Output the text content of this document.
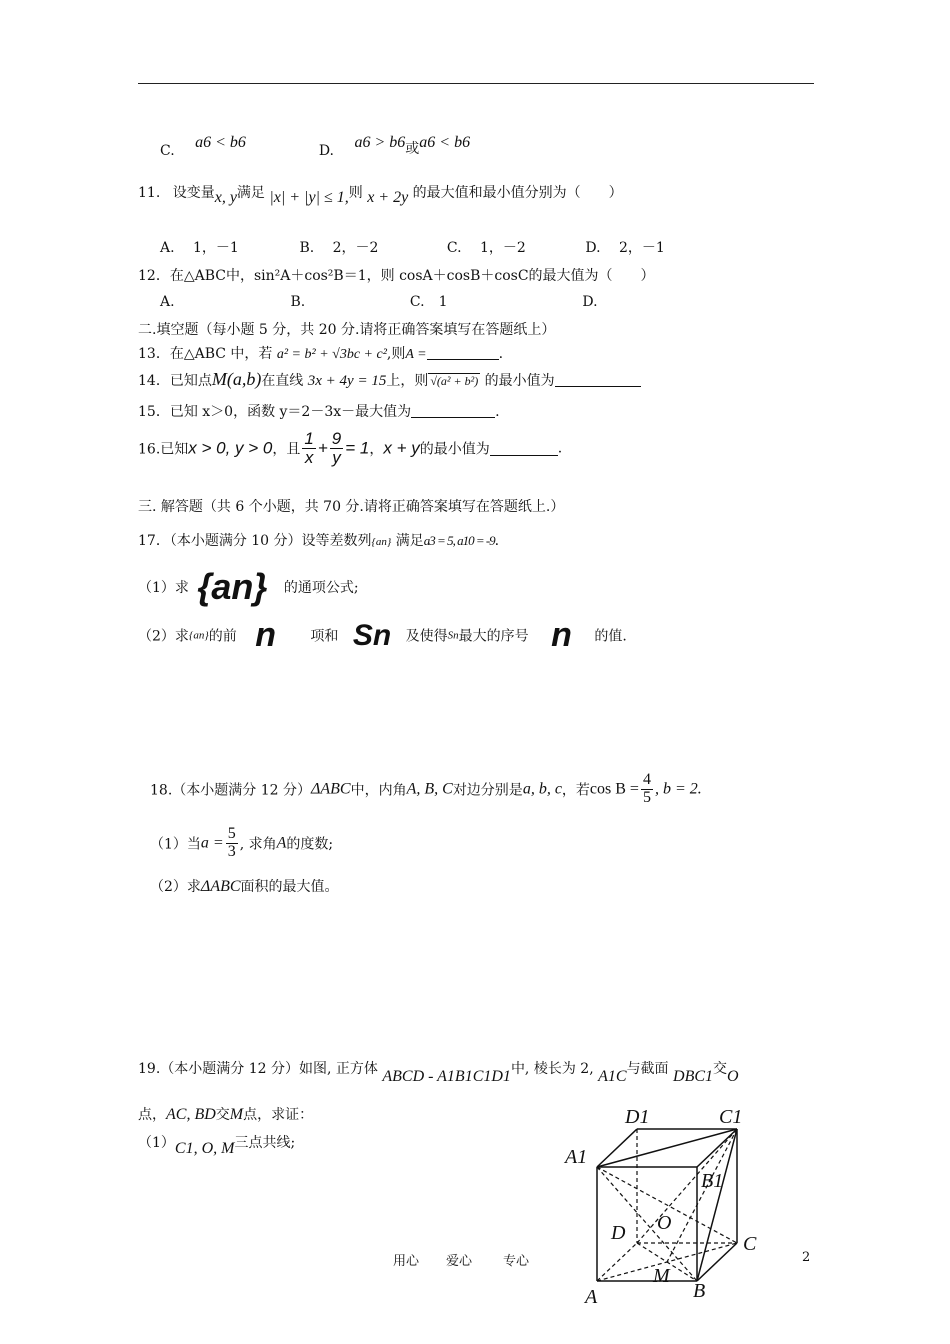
C. a6 < b6	D. a6 > b6或a6 < b6
11. 设变量x, y满足 |x| + |y| ≤ 1,则 x + 2y 的最大值和最小值分别为（　　）
A.　 1，－1	B.　 2，－2	C.　 1，－2	D.　 2，－1
12．在△ABC中，sin²A＋cos²B＝1，则 cosA＋cosB＋cosC的最大值为（　　）
A.	B.	C.　1	D.
二.填空题（每小题 5 分，共 20 分.请将正确答案填写在答题纸上）
13．在△ABC 中，若 a² = b² + √3bc + c²,则A =	.
14．已知点M(a,b)在直线 3x + 4y = 15上，则 √(a² + b²) 的最小值为
15．已知 x＞0，函数 y＝2－3x－最大值为	.
16.已知x > 0, y > 0，且 $\frac{1}{x} + \frac{9}{y} = 1$，x + y的最小值为	.
三. 解答题（共 6 个小题，共 70 分.请将正确答案填写在答题纸上.）
17．（本小题满分 10 分）设等差数列{an} 满足a3 = 5, a10 = -9.
（1）求 {an} 的通项公式;
（2）求{an}的前 n 项和 Sn 及使得Sn最大的序号 n 的值.
18.（本小题满分 12 分）ΔABC中，内角A, B, C对边分别是a, b, c，若$\cos B = \frac{4}{5}$ , b = 2.
（1）当$a = \frac{5}{3}$ , 求角A的度数;
（2）求ΔABC面积的最大值。
19.（本小题满分 12 分）如图, 正方体 ABCD - A1B1C1D1中, 棱长为 2, A1C与截面 DBC1交O
点，AC, BD交M点，求证：
（1）C1, O, M三点共线;
D1	C1
A1
B1
O
D	C
M
A	B
用心 爱心 专心	2
